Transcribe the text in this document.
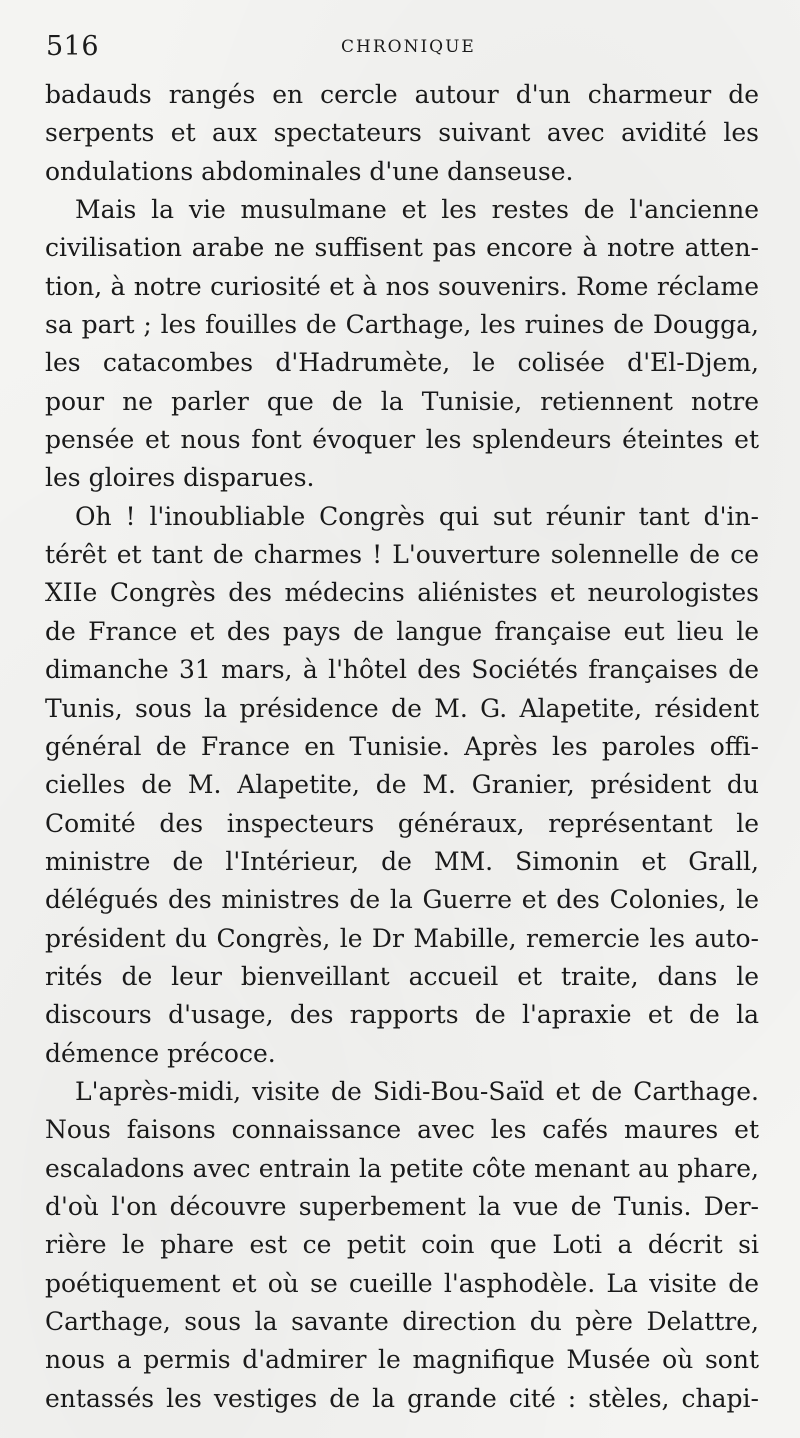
516	CHRONIQUE
badauds rangés en cercle autour d'un charmeur de
serpents et aux spectateurs suivant avec avidité les
ondulations abdominales d'une danseuse.
Mais la vie musulmane et les restes de l'ancienne
civilisation arabe ne suffisent pas encore à notre atten-
tion, à notre curiosité et à nos souvenirs. Rome réclame
sa part ; les fouilles de Carthage, les ruines de Dougga,
les catacombes d'Hadrumète, le colisée d'El-Djem,
pour ne parler que de la Tunisie, retiennent notre
pensée et nous font évoquer les splendeurs éteintes et
les gloires disparues.
Oh ! l'inoubliable Congrès qui sut réunir tant d'in-
térêt et tant de charmes ! L'ouverture solennelle de ce
XIIe Congrès des médecins aliénistes et neurologistes
de France et des pays de langue française eut lieu le
dimanche 31 mars, à l'hôtel des Sociétés françaises de
Tunis, sous la présidence de M. G. Alapetite, résident
général de France en Tunisie. Après les paroles offi-
cielles de M. Alapetite, de M. Granier, président du
Comité des inspecteurs généraux, représentant le
ministre de l'Intérieur, de MM. Simonin et Grall,
délégués des ministres de la Guerre et des Colonies, le
président du Congrès, le Dr Mabille, remercie les auto-
rités de leur bienveillant accueil et traite, dans le
discours d'usage, des rapports de l'apraxie et de la
démence précoce.
L'après-midi, visite de Sidi-Bou-Saïd et de Carthage.
Nous faisons connaissance avec les cafés maures et
escaladons avec entrain la petite côte menant au phare,
d'où l'on découvre superbement la vue de Tunis. Der-
rière le phare est ce petit coin que Loti a décrit si
poétiquement et où se cueille l'asphodèle. La visite de
Carthage, sous la savante direction du père Delattre,
nous a permis d'admirer le magnifique Musée où sont
entassés les vestiges de la grande cité : stèles, chapi-
